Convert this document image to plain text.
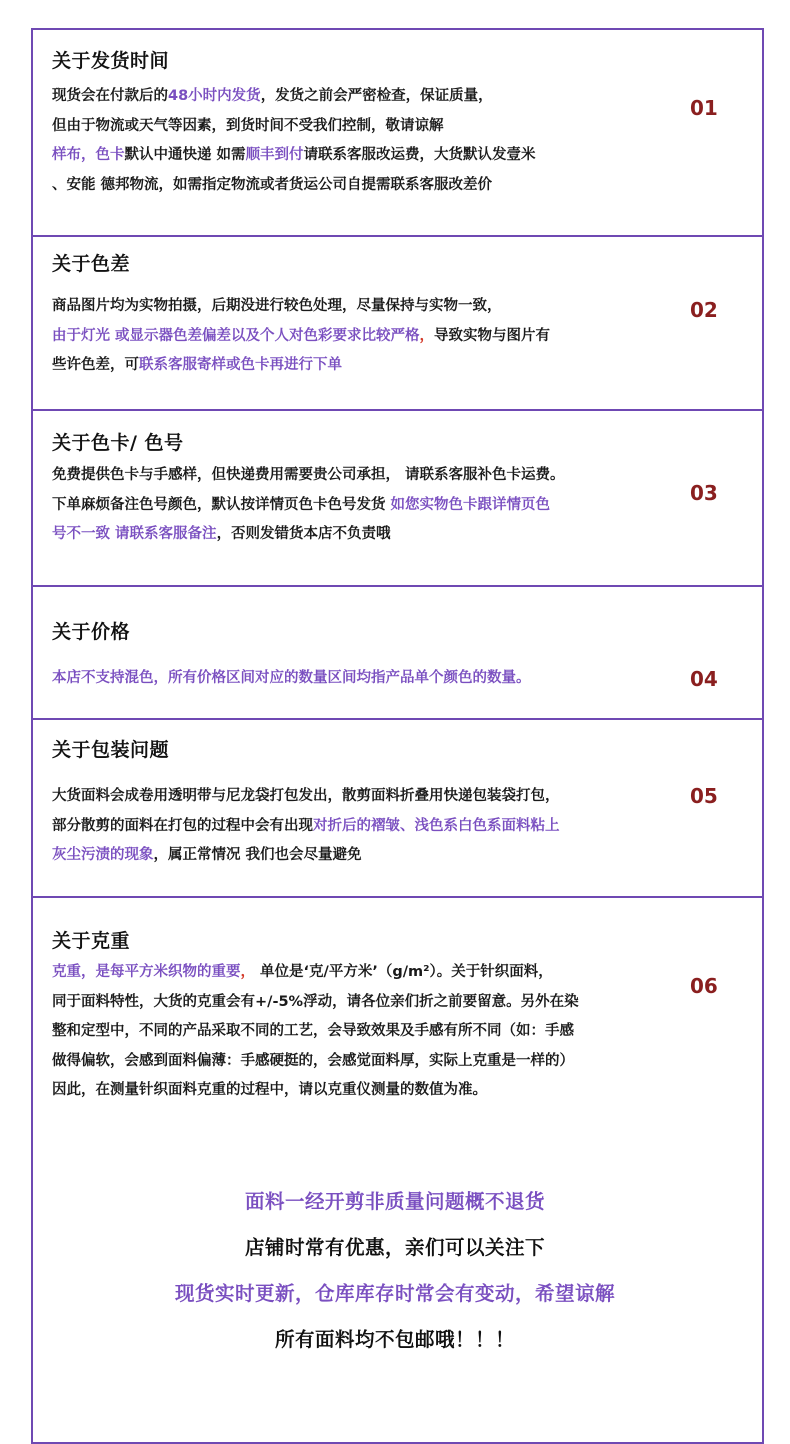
关于发货时间

现货会在付款后的48小时内发货，发货之前会严密检查，保证质量，

但由于物流或天气等因素，到货时间不受我们控制，敬请谅解

样布，色卡默认中通快递 如需顺丰到付请联系客服改运费，大货默认发壹米

、安能 德邦物流，如需指定物流或者货运公司自提需联系客服改差价

01
关于色差

商品图片均为实物拍摄，后期没进行较色处理，尽量保持与实物一致，

由于灯光 或显示器色差偏差以及个人对色彩要求比较严格，导致实物与图片有

些许色差，可联系客服寄样或色卡再进行下单

02
关于色卡/ 色号

免费提供色卡与手感样，但快递费用需要贵公司承担， 请联系客服补色卡运费。

下单麻烦备注色号颜色，默认按详情页色卡色号发货 如您实物色卡跟详情页色

号不一致 请联系客服备注，否则发错货本店不负责哦

03
关于价格

本店不支持混色，所有价格区间对应的数量区间均指产品单个颜色的数量。	04
关于包装问题

大货面料会成卷用透明带与尼龙袋打包发出，散剪面料折叠用快递包装袋打包，

部分散剪的面料在打包的过程中会有出现对折后的褶皱、浅色系白色系面料粘上

灰尘污渍的现象，属正常情况 我们也会尽量避免

05
关于克重

克重，是每平方米织物的重要， 单位是‘克/平方米’（g/m²）。关于针织面料，

同于面料特性，大货的克重会有+/-5%浮动，请各位亲们折之前要留意。另外在染

整和定型中，不同的产品采取不同的工艺，会导致效果及手感有所不同（如：手感

做得偏软，会感到面料偏薄：手感硬挺的，会感觉面料厚，实际上克重是一样的）

因此，在测量针织面料克重的过程中，请以克重仪测量的数值为准。

06
面料一经开剪非质量问题概不退货
店铺时常有优惠，亲们可以关注下
现货实时更新，仓库库存时常会有变动，希望谅解
所有面料均不包邮哦！！！
